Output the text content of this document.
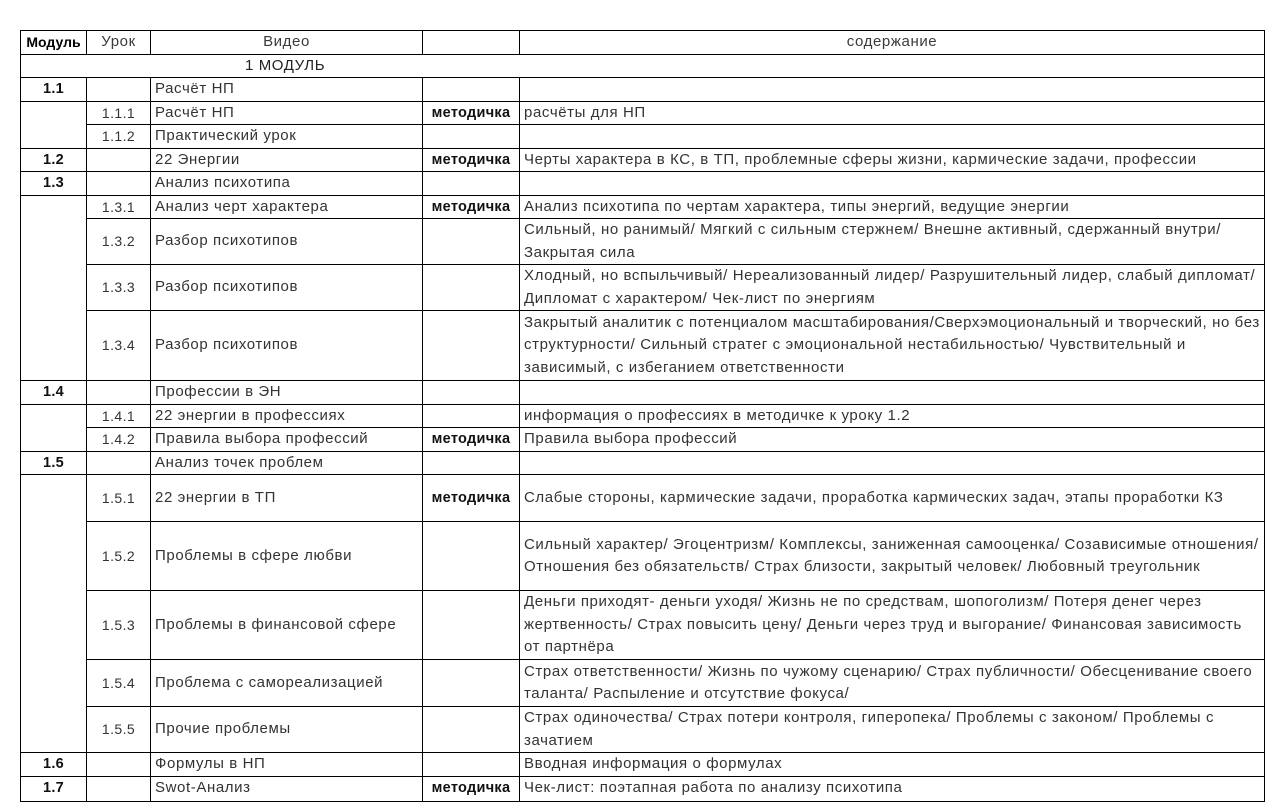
Модуль	Урок	Видео		содержание
1 МОДУЛЬ				
1.1		Расчёт НП		
	1.1.1	Расчёт НП	методичка	расчёты для НП
	1.1.2	Практический урок		
1.2		22 Энергии	методичка	Черты характера в КС, в ТП, проблемные сферы жизни, кармические задачи, профессии
1.3		Анализ психотипа		
	1.3.1	Анализ черт характера	методичка	Анализ психотипа по чертам характера, типы энергий, ведущие энергии
	1.3.2	Разбор психотипов		Сильный, но ранимый/ Мягкий с сильным стержнем/ Внешне активный, сдержанный внутри/ Закрытая сила
	1.3.3	Разбор психотипов		Хлодный, но вспыльчивый/ Нереализованный лидер/ Разрушительный лидер, слабый дипломат/ Дипломат с характером/ Чек-лист по энергиям
	1.3.4	Разбор психотипов		Закрытый аналитик с потенциалом масштабирования/Сверхэмоциональный и творческий, но без структурности/ Сильный стратег с эмоциональной нестабильностью/ Чувствительный и зависимый, с избеганием ответственности
1.4		Профессии в ЭН		
	1.4.1	22 энергии в профессиях		информация о профессиях в методичке к уроку 1.2
	1.4.2	Правила выбора профессий	методичка	Правила выбора профессий
1.5		Анализ точек проблем		
	1.5.1	22 энергии в ТП	методичка	Слабые стороны, кармические задачи, проработка кармических задач, этапы проработки КЗ
	1.5.2	Проблемы в сфере любви		Сильный характер/ Эгоцентризм/ Комплексы, заниженная самооценка/ Созависимые отношения/ Отношения без обязательств/ Страх близости, закрытый человек/ Любовный треугольник
	1.5.3	Проблемы в финансовой сфере		Деньги приходят- деньги уходя/ Жизнь не по средствам, шопоголизм/ Потеря денег через жертвенность/ Страх повысить цену/ Деньги через труд и выгорание/ Финансовая зависимость от партнёра
	1.5.4	Проблема с самореализацией		Страх ответственности/ Жизнь по чужому сценарию/ Страх публичности/ Обесценивание своего таланта/ Распыление и отсутствие фокуса/
	1.5.5	Прочие проблемы		Страх одиночества/ Страх потери контроля, гиперопека/ Проблемы с законом/ Проблемы с зачатием
1.6		Формулы в НП		Вводная информация о формулах
1.7		Swot-Анализ	методичка	Чек-лист: поэтапная работа по анализу психотипа
